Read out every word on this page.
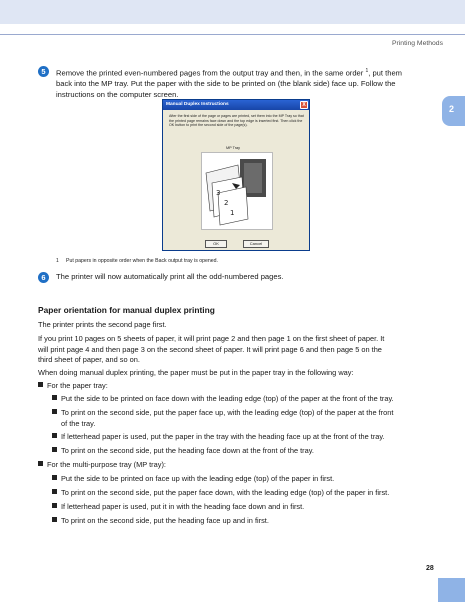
Printing Methods
2
5	Remove the printed even-numbered pages from the output tray and then, in the same order $^1$, put them
back into the MP tray. Put the paper with the side to be printed on (the blank side) face up. Follow the
instructions on the computer screen.
Manual Duplex Instructions	X
After the first side of the page or pages are printed, set them into the MP Tray so that the printed page remains face down and the top edge is inserted first. Then click the OK button to print the second side of the page(s).
MP Tray
3
2
1
OK	Cancel
1 Put papers in opposite order when the Back output tray is opened.
6	The printer will now automatically print all the odd-numbered pages.
Paper orientation for manual duplex printing
The printer prints the second page first.
If you print 10 pages on 5 sheets of paper, it will print page 2 and then page 1 on the first sheet of paper. It
will print page 4 and then page 3 on the second sheet of paper. It will print page 6 and then page 5 on the
third sheet of paper, and so on.
When doing manual duplex printing, the paper must be put in the paper tray in the following way:
For the paper tray:
Put the side to be printed on face down with the leading edge (top) of the paper at the front of the tray.
To print on the second side, put the paper face up, with the leading edge (top) of the paper at the front
of the tray.
If letterhead paper is used, put the paper in the tray with the heading face up at the front of the tray.
To print on the second side, put the heading face down at the front of the tray.
For the multi-purpose tray (MP tray):
Put the side to be printed on face up with the leading edge (top) of the paper in first.
To print on the second side, put the paper face down, with the leading edge (top) of the paper in first.
If letterhead paper is used, put it in with the heading face down and in first.
To print on the second side, put the heading face up and in first.
28
